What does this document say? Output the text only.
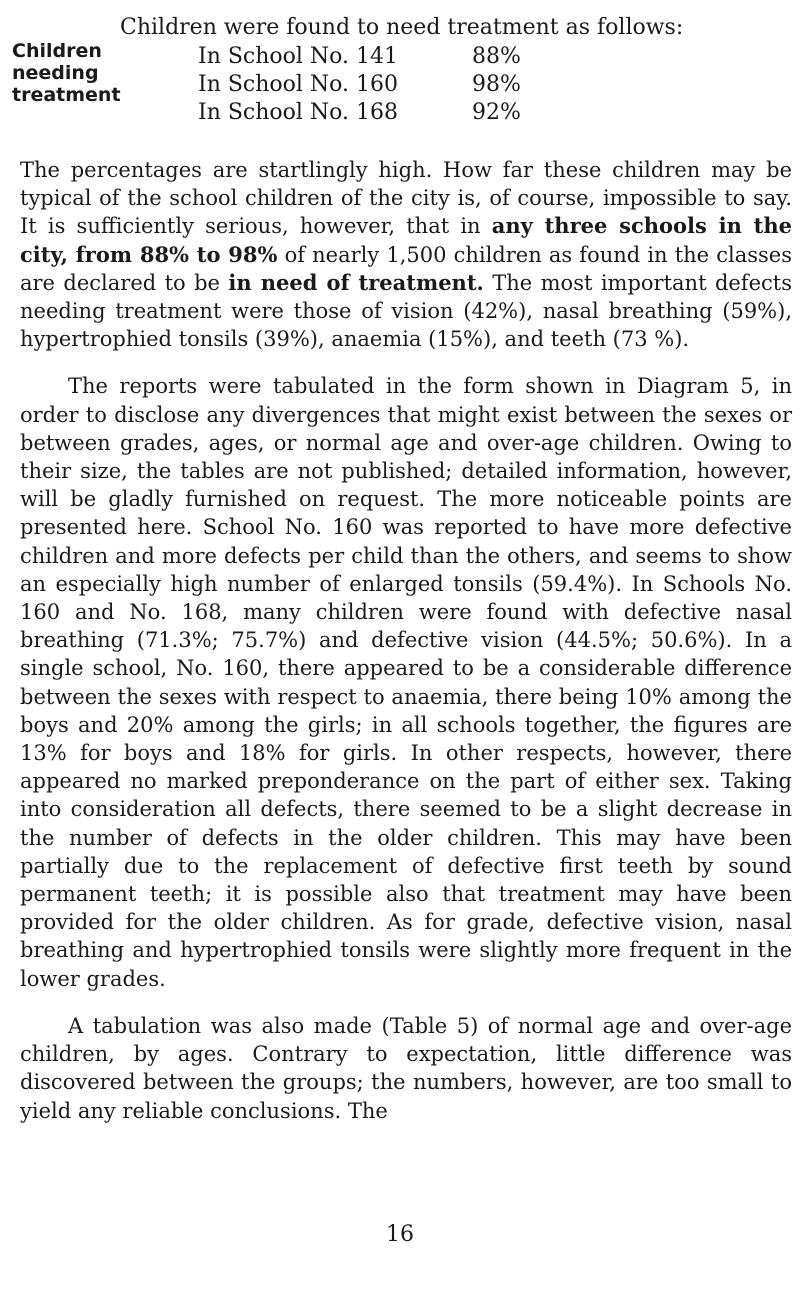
Children
needing
treatment
Children were found to need treatment as follows:
In School No. 141	88%
In School No. 160	98%
In School No. 168	92%

The percentages are startlingly high. How far these children may be typical of the school children of the city is, of course, impossible to say. It is sufficiently serious, however, that in any three schools in the city, from 88% to 98% of nearly 1,500 children as found in the classes are declared to be in need of treatment. The most important defects needing treatment were those of vision (42%), nasal breathing (59%), hypertrophied tonsils (39%), anaemia (15%), and teeth (73 %).

The reports were tabulated in the form shown in Diagram 5, in order to disclose any divergences that might exist between the sexes or between grades, ages, or normal age and over-age children. Owing to their size, the tables are not published; detailed information, however, will be gladly furnished on request. The more noticeable points are presented here. School No. 160 was reported to have more defective children and more defects per child than the others, and seems to show an especially high number of enlarged tonsils (59.4%). In Schools No. 160 and No. 168, many children were found with defective nasal breathing (71.3%; 75.7%) and defective vision (44.5%; 50.6%). In a single school, No. 160, there appeared to be a considerable difference between the sexes with respect to anaemia, there being 10% among the boys and 20% among the girls; in all schools together, the figures are 13% for boys and 18% for girls. In other respects, however, there appeared no marked preponderance on the part of either sex. Taking into consideration all defects, there seemed to be a slight decrease in the number of defects in the older children. This may have been partially due to the replacement of defective first teeth by sound permanent teeth; it is possible also that treatment may have been provided for the older children. As for grade, defective vision, nasal breathing and hypertrophied tonsils were slightly more frequent in the lower grades.

A tabulation was also made (Table 5) of normal age and over-age children, by ages. Contrary to expectation, little difference was discovered between the groups; the numbers, however, are too small to yield any reliable conclusions. The

16
